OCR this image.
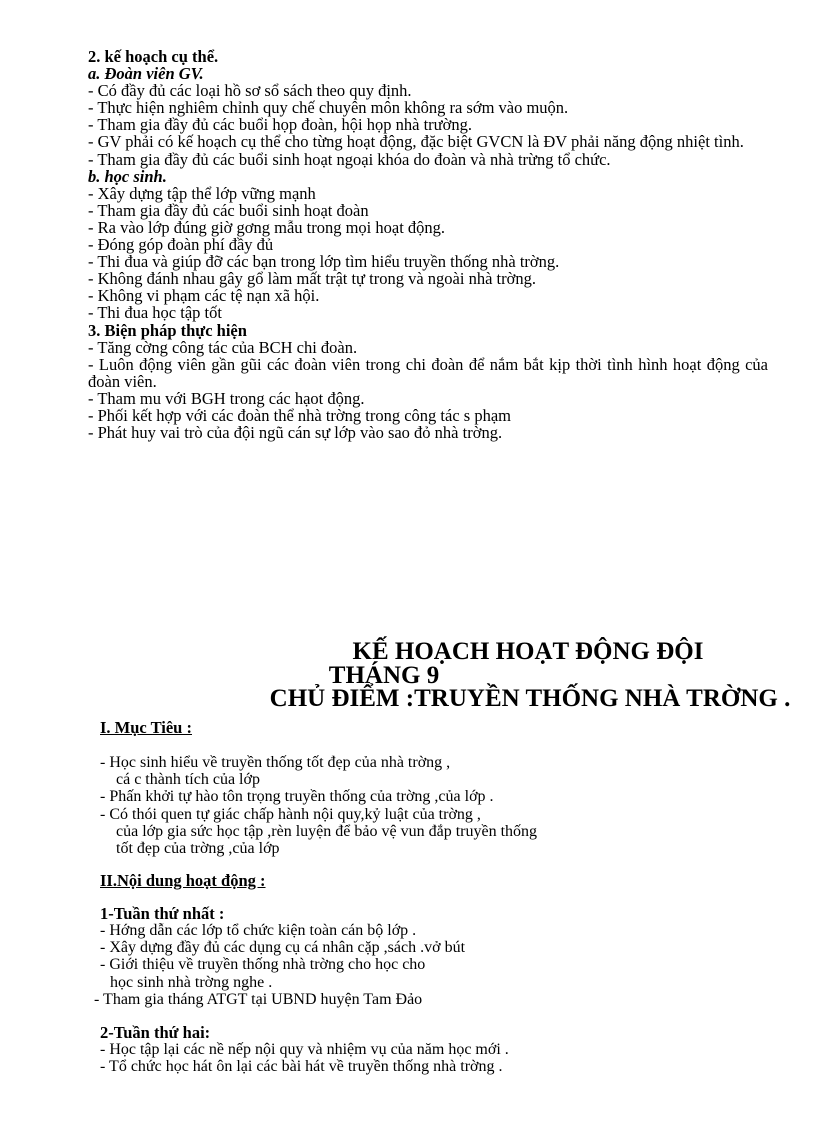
2. kế hoạch cụ thể.
a. Đoàn viên GV.
- Có đầy đủ các loại hồ sơ sổ sách theo quy định.
- Thực hiện nghiêm chỉnh quy chế chuyên môn không ra sớm vào muộn.
- Tham gia đầy đủ các buổi họp đoàn, hội họp nhà trường.
- GV phải có kế hoạch cụ thể cho từng hoạt động, đặc biệt GVCN là ĐV phải năng động nhiệt tình.
- Tham gia đầy đủ các buổi sinh hoạt ngoại khóa do đoàn và nhà trừng tổ chức.
b. học sinh.
- Xây dựng tập thể lớp vững mạnh
- Tham gia đầy đủ các buổi sinh hoạt đoàn
- Ra vào lớp đúng giờ gơng mẫu trong mọi hoạt động.
- Đóng góp đoàn phí đầy đủ
- Thi đua và giúp đỡ các bạn trong lớp tìm hiểu truyền thống nhà trờng.
- Không đánh nhau gây gổ làm mất trật tự trong và ngoài nhà trờng.
- Không vi phạm các tệ nạn xã hội.
- Thi đua học tập tốt
3. Biện pháp thực hiện
- Tăng cờng công tác của BCH chi đoàn.
- Luôn động viên gần gũi các đoàn viên trong chi đoàn để nắm bắt kịp thời tình hình hoạt động của đoàn viên.
- Tham mu với BGH trong các hạot động.
- Phối kết hợp với các đoàn thể nhà trờng trong công tác s phạm
- Phát huy vai trò của đội ngũ cán sự lớp vào sao đỏ nhà trờng.
KẾ HOẠCH HOẠT ĐỘNG ĐỘI
THÁNG 9
CHỦ ĐIỂM :TRUYỀN THỐNG NHÀ TRỜNG .
I. Mục Tiêu :
- Học sinh hiểu về truyền thống tốt đẹp của nhà trờng ,
cá c thành tích của lớp
- Phấn khởi tự hào tôn trọng truyền thống của trờng ,của lớp .
- Có thói quen tự giác chấp hành nội quy,kỷ luật của trờng ,
của lớp gia sức học tập ,rèn luyện để bảo vệ vun đắp truyền thống
tốt đẹp của trờng ,của lớp
II.Nội dung hoạt động :
1-Tuần thứ nhất :
- Hớng dẫn các lớp tổ chức kiện toàn cán bộ lớp .
- Xây dựng đầy đủ các dụng cụ cá nhân cặp ,sách .vở bút
- Giới thiệu về truyền thống nhà trờng cho học cho
học sinh nhà trờng nghe .
- Tham gia tháng ATGT tại UBND huyện Tam Đảo
2-Tuần thứ hai:
- Học tập lại các nề nếp nội quy và nhiệm vụ của năm học mới .
- Tổ chức học hát ôn lại các bài hát về truyền thống nhà trờng .
